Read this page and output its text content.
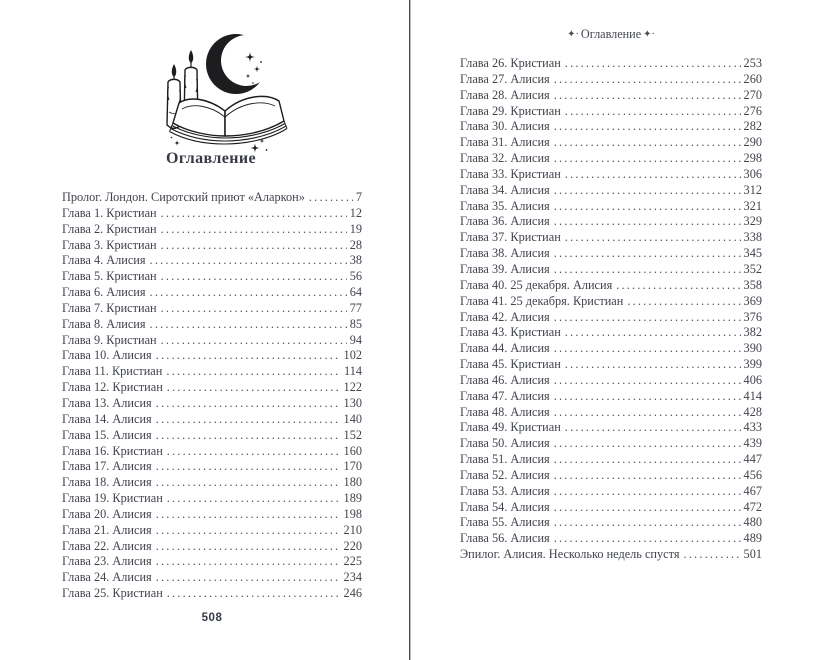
Оглавление
Пролог. Лондон. Сиротский приют «Аларкон» .....	7
Глава 1. Кристиан .....	12
Глава 2. Кристиан .....	19
Глава 3. Кристиан .....	28
Глава 4. Алисия .....	38
Глава 5. Кристиан .....	56
Глава 6. Алисия .....	64
Глава 7. Кристиан .....	77
Глава 8. Алисия .....	85
Глава 9. Кристиан .....	94
Глава 10. Алисия .....	102
Глава 11. Кристиан .....	114
Глава 12. Кристиан .....	122
Глава 13. Алисия .....	130
Глава 14. Алисия .....	140
Глава 15. Алисия .....	152
Глава 16. Кристиан .....	160
Глава 17. Алисия .....	170
Глава 18. Алисия .....	180
Глава 19. Кристиан .....	189
Глава 20. Алисия .....	198
Глава 21. Алисия .....	210
Глава 22. Алисия .....	220
Глава 23. Алисия .....	225
Глава 24. Алисия .....	234
Глава 25. Кристиан .....	246
508
✦· Оглавление ✦·
Глава 26. Кристиан .....	253
Глава 27. Алисия .....	260
Глава 28. Алисия .....	270
Глава 29. Кристиан .....	276
Глава 30. Алисия .....	282
Глава 31. Алисия .....	290
Глава 32. Алисия .....	298
Глава 33. Кристиан .....	306
Глава 34. Алисия .....	312
Глава 35. Алисия .....	321
Глава 36. Алисия .....	329
Глава 37. Кристиан .....	338
Глава 38. Алисия .....	345
Глава 39. Алисия .....	352
Глава 40. 25 декабря. Алисия .....	358
Глава 41. 25 декабря. Кристиан .....	369
Глава 42. Алисия .....	376
Глава 43. Кристиан .....	382
Глава 44. Алисия .....	390
Глава 45. Кристиан .....	399
Глава 46. Алисия .....	406
Глава 47. Алисия .....	414
Глава 48. Алисия .....	428
Глава 49. Кристиан .....	433
Глава 50. Алисия .....	439
Глава 51. Алисия .....	447
Глава 52. Алисия .....	456
Глава 53. Алисия .....	467
Глава 54. Алисия .....	472
Глава 55. Алисия .....	480
Глава 56. Алисия .....	489
Эпилог. Алисия. Несколько недель спустя .....	501
